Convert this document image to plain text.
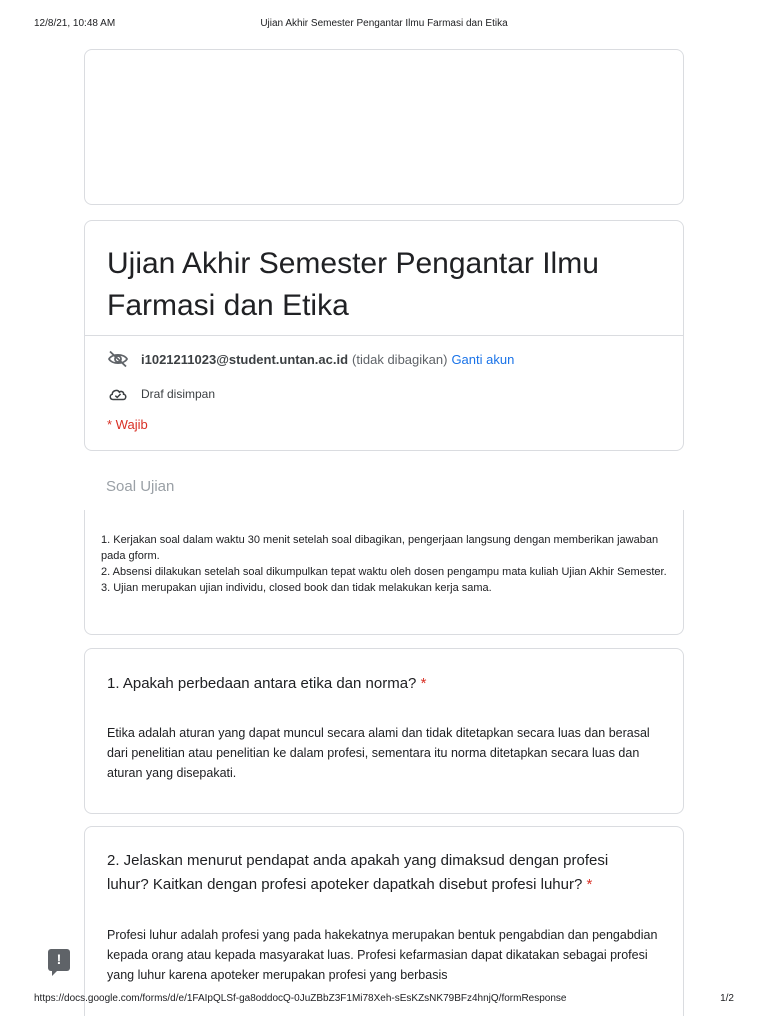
12/8/21, 10:48 AM	Ujian Akhir Semester Pengantar Ilmu Farmasi dan Etika
Ujian Akhir Semester Pengantar Ilmu Farmasi dan Etika
i1021211023@student.untan.ac.id (tidak dibagikan) Ganti akun
Draf disimpan
* Wajib
Soal Ujian
1. Kerjakan soal dalam waktu 30 menit setelah soal dibagikan, pengerjaan langsung dengan memberikan jawaban pada gform.
2. Absensi dilakukan setelah soal dikumpulkan tepat waktu oleh dosen pengampu mata kuliah Ujian Akhir Semester.
3. Ujian merupakan ujian individu, closed book dan tidak melakukan kerja sama.
1. Apakah perbedaan antara etika dan norma? *
Etika adalah aturan yang dapat muncul secara alami dan tidak ditetapkan secara luas dan berasal dari penelitian atau penelitian ke dalam profesi, sementara itu norma ditetapkan secara luas dan aturan yang disepakati.
2. Jelaskan menurut pendapat anda apakah yang dimaksud dengan profesi luhur? Kaitkan dengan profesi apoteker dapatkah disebut profesi luhur? *
Profesi luhur adalah profesi yang pada hakekatnya merupakan bentuk pengabdian dan pengabdian kepada orang atau kepada masyarakat luas. Profesi kefarmasian dapat dikatakan sebagai profesi yang luhur karena apoteker merupakan profesi yang berbasis
!
https://docs.google.com/forms/d/e/1FAIpQLSf-ga8oddocQ-0JuZBbZ3F1Mi78Xeh-sEsKZsNK79BFz4hnjQ/formResponse	1/2
